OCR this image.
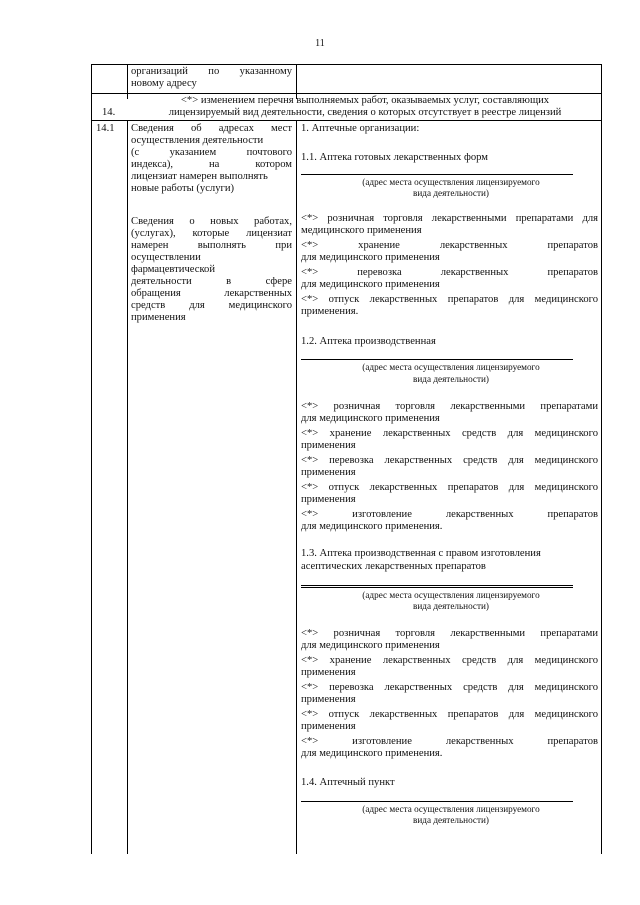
11
организаций по указанному
новому адресу
14.
<*> изменением перечня выполняемых работ, оказываемых услуг, составляющих
лицензируемый вид деятельности, сведения о которых отсутствует в реестре лицензий
14.1 Сведения об адресах мест
осуществления деятельности
(с указанием почтового
индекса), на котором
лицензиат намерен выполнять
новые работы (услуги)
Сведения о новых работах,
(услугах), которые лицензиат
намерен выполнять при
осуществлении
фармацевтической
деятельности в сфере
обращения лекарственных
средств для медицинского
применения
1. Аптечные организации:
1.1. Аптека готовых лекарственных форм
(адрес места осуществления лицензируемого
вида деятельности)
<*> розничная торговля лекарственными препаратами для
медицинского применения
<*> хранение лекарственных препаратов
для медицинского применения
<*> перевозка лекарственных препаратов
для медицинского применения
<*> отпуск лекарственных препаратов для медицинского
применения.
1.2. Аптека производственная
(адрес места осуществления лицензируемого
вида деятельности)
<*> розничная торговля лекарственными препаратами
для медицинского применения
<*> хранение лекарственных средств для медицинского
применения
<*> перевозка лекарственных средств для медицинского
применения
<*> отпуск лекарственных препаратов для медицинского
применения
<*> изготовление лекарственных препаратов
для медицинского применения.
1.3. Аптека производственная с правом изготовления
асептических лекарственных препаратов
(адрес места осуществления лицензируемого
вида деятельности)
<*> розничная торговля лекарственными препаратами
для медицинского применения
<*> хранение лекарственных средств для медицинского
применения
<*> перевозка лекарственных средств для медицинского
применения
<*> отпуск лекарственных препаратов для медицинского
применения
<*> изготовление лекарственных препаратов
для медицинского применения.
1.4. Аптечный пункт
(адрес места осуществления лицензируемого
вида деятельности)
